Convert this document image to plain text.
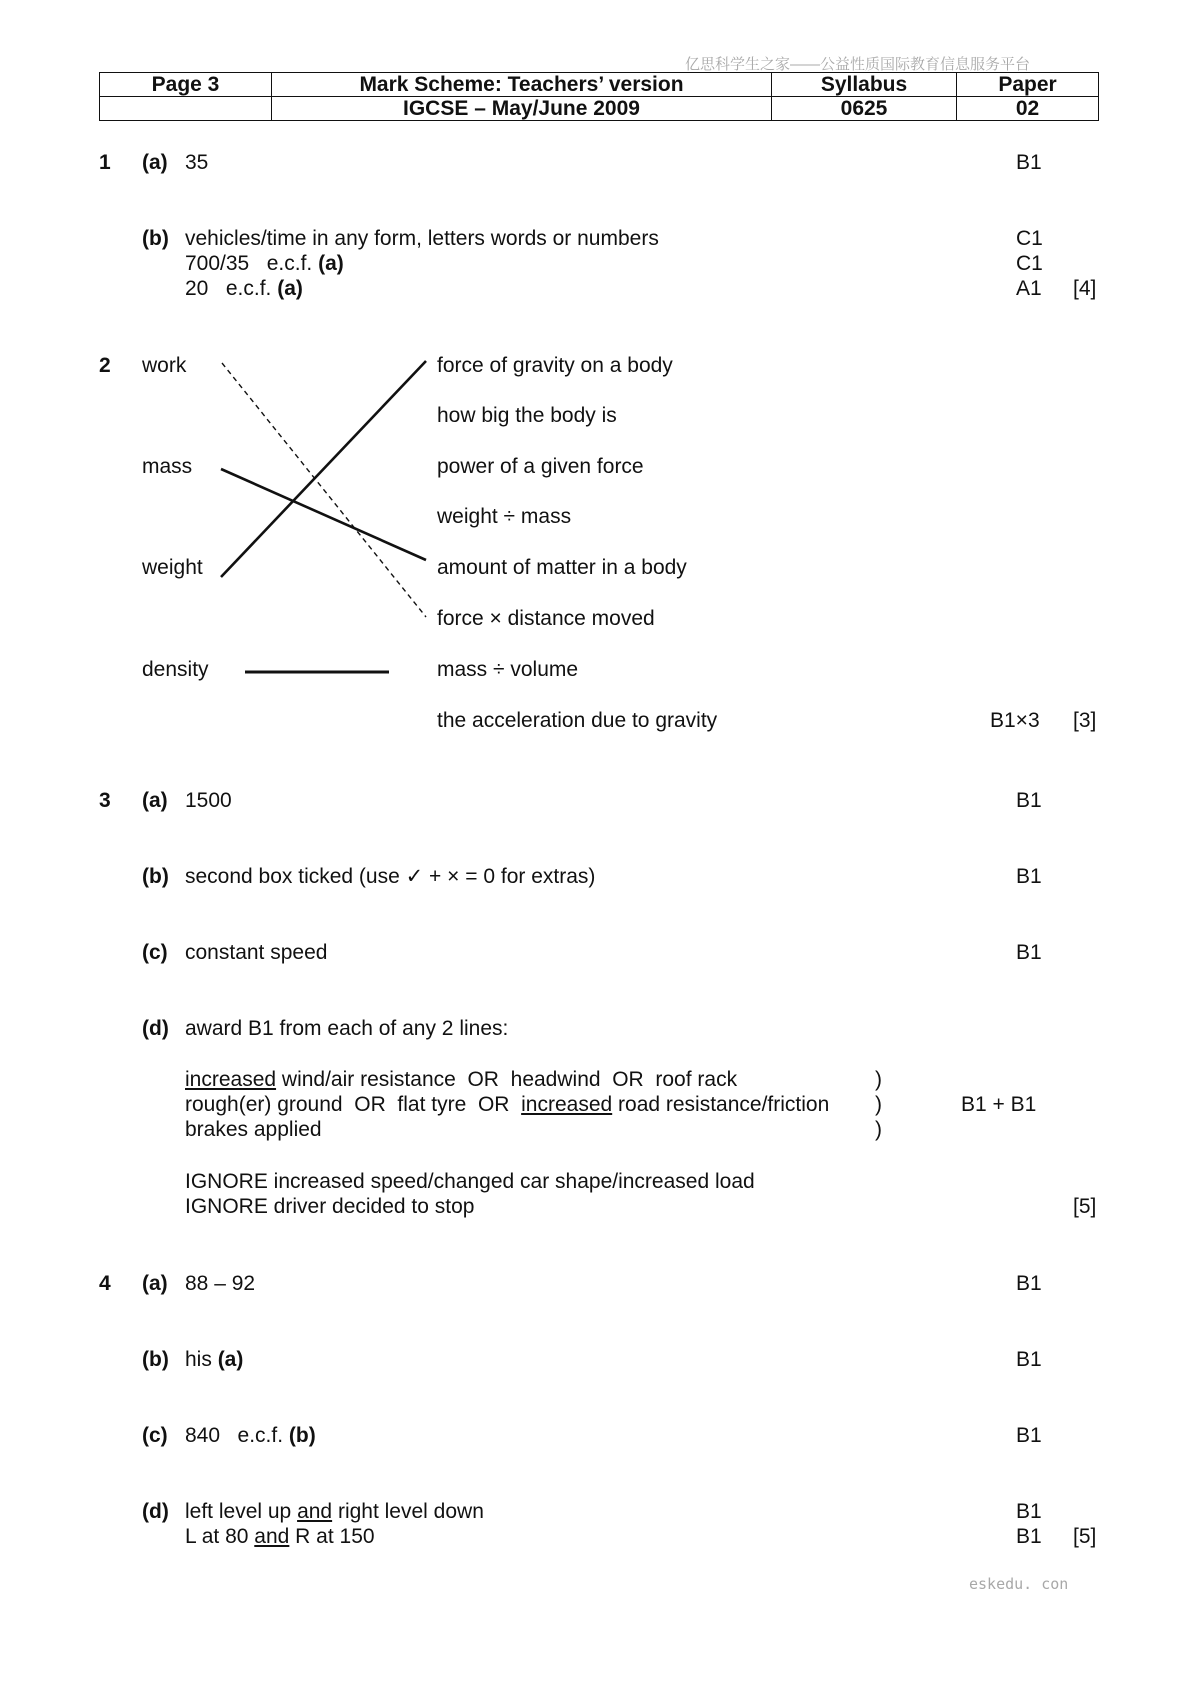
亿思科学生之家——公益性质国际教育信息服务平台
Page 3	Mark Scheme: Teachers’ version	Syllabus	Paper
	IGCSE – May/June 2009	0625	02
1 (a) 35	B1
(b) vehicles/time in any form, letters words or numbers	C1
700/35   e.c.f. (a)	C1
20   e.c.f. (a)	A1 [4]
2 work
mass
weight
density
force of gravity on a body
how big the body is
power of a given force
weight ÷ mass
amount of matter in a body
force × distance moved
mass ÷ volume
the acceleration due to gravity	B1×3 [3]
3 (a) 1500	B1
(b) second box ticked (use ✓ + × = 0 for extras)	B1
(c) constant speed	B1
(d) award B1 from each of any 2 lines:
increased wind/air resistance  OR  headwind  OR  roof rack	)
rough(er) ground  OR  flat tyre  OR  increased road resistance/friction )	B1 + B1
brakes applied	)
IGNORE increased speed/changed car shape/increased load
IGNORE driver decided to stop	[5]
4 (a) 88 – 92	B1
(b) his (a)	B1
(c) 840   e.c.f. (b)	B1
(d) left level up and right level down	B1
L at 80 and R at 150	B1 [5]
eskedu. con
